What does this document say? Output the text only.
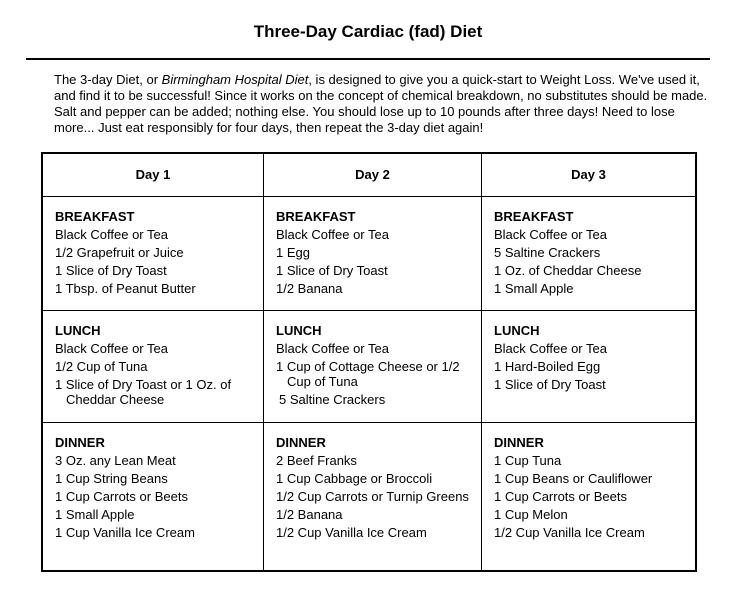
Three-Day Cardiac (fad) Diet

The 3-day Diet, or Birmingham Hospital Diet, is designed to give you a quick-start to Weight Loss. We've used it, and find it to be successful! Since it works on the concept of chemical breakdown, no substitutes should be made. Salt and pepper can be added; nothing else. You should lose up to 10 pounds after three days! Need to lose more... Just eat responsibly for four days, then repeat the 3-day diet again!

Day 1	Day 2	Day 3
BREAKFAST
Black Coffee or Tea
1/2 Grapefruit or Juice
1 Slice of Dry Toast
1 Tbsp. of Peanut Butter
BREAKFAST
Black Coffee or Tea
1 Egg
1 Slice of Dry Toast
1/2 Banana
BREAKFAST
Black Coffee or Tea
5 Saltine Crackers
1 Oz. of Cheddar Cheese
1 Small Apple
LUNCH
Black Coffee or Tea
1/2 Cup of Tuna
1 Slice of Dry Toast or 1 Oz. of Cheddar Cheese
LUNCH
Black Coffee or Tea
1 Cup of Cottage Cheese or 1/2 Cup of Tuna
5 Saltine Crackers
LUNCH
Black Coffee or Tea
1 Hard-Boiled Egg
1 Slice of Dry Toast
DINNER
3 Oz. any Lean Meat
1 Cup String Beans
1 Cup Carrots or Beets
1 Small Apple
1 Cup Vanilla Ice Cream
DINNER
2 Beef Franks
1 Cup Cabbage or Broccoli
1/2 Cup Carrots or Turnip Greens
1/2 Banana
1/2 Cup Vanilla Ice Cream
DINNER
1 Cup Tuna
1 Cup Beans or Cauliflower
1 Cup Carrots or Beets
1 Cup Melon
1/2 Cup Vanilla Ice Cream
